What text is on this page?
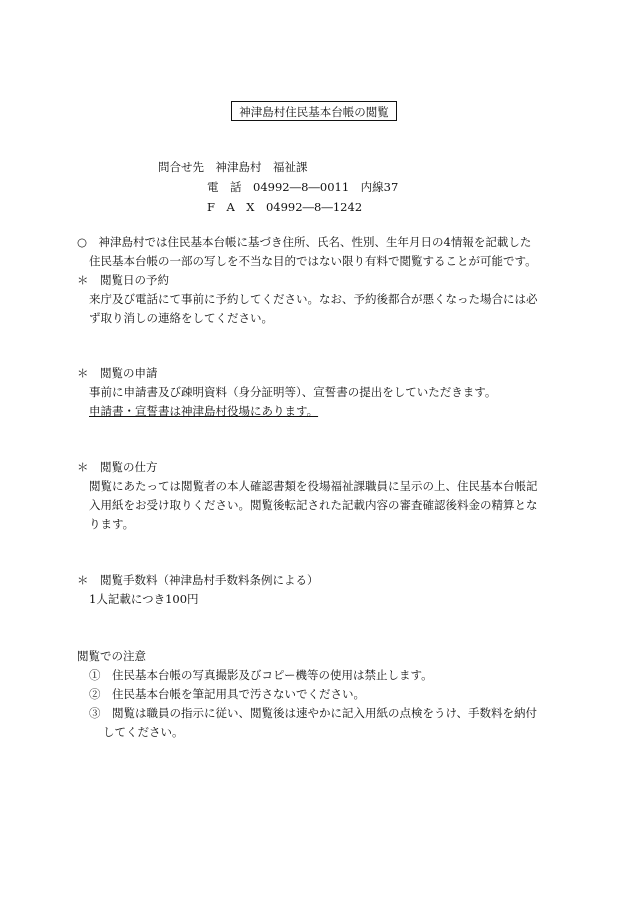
神津島村住民基本台帳の閲覧
問合せ先　神津島村　福祉課
電　話　04992―8―0011　内線37
F　A　X　04992―8―1242
○　神津島村では住民基本台帳に基づき住所、氏名、性別、生年月日の4情報を記載した
住民基本台帳の一部の写しを不当な目的ではない限り有料で閲覧することが可能です。
＊　閲覧日の予約
来庁及び電話にて事前に予約してください。なお、予約後都合が悪くなった場合には必
ず取り消しの連絡をしてください。
＊　閲覧の申請
事前に申請書及び疎明資料（身分証明等）、宣誓書の提出をしていただきます。
申請書・宣誓書は神津島村役場にあります。
＊　閲覧の仕方
閲覧にあたっては閲覧者の本人確認書類を役場福祉課職員に呈示の上、住民基本台帳記
入用紙をお受け取りください。閲覧後転記された記載内容の審査確認後料金の精算とな
ります。
＊　閲覧手数料（神津島村手数料条例による）
1人記載につき100円
閲覧での注意
①　住民基本台帳の写真撮影及びコピー機等の使用は禁止します。
②　住民基本台帳を筆記用具で汚さないでください。
③　閲覧は職員の指示に従い、閲覧後は速やかに記入用紙の点検をうけ、手数料を納付
してください。
